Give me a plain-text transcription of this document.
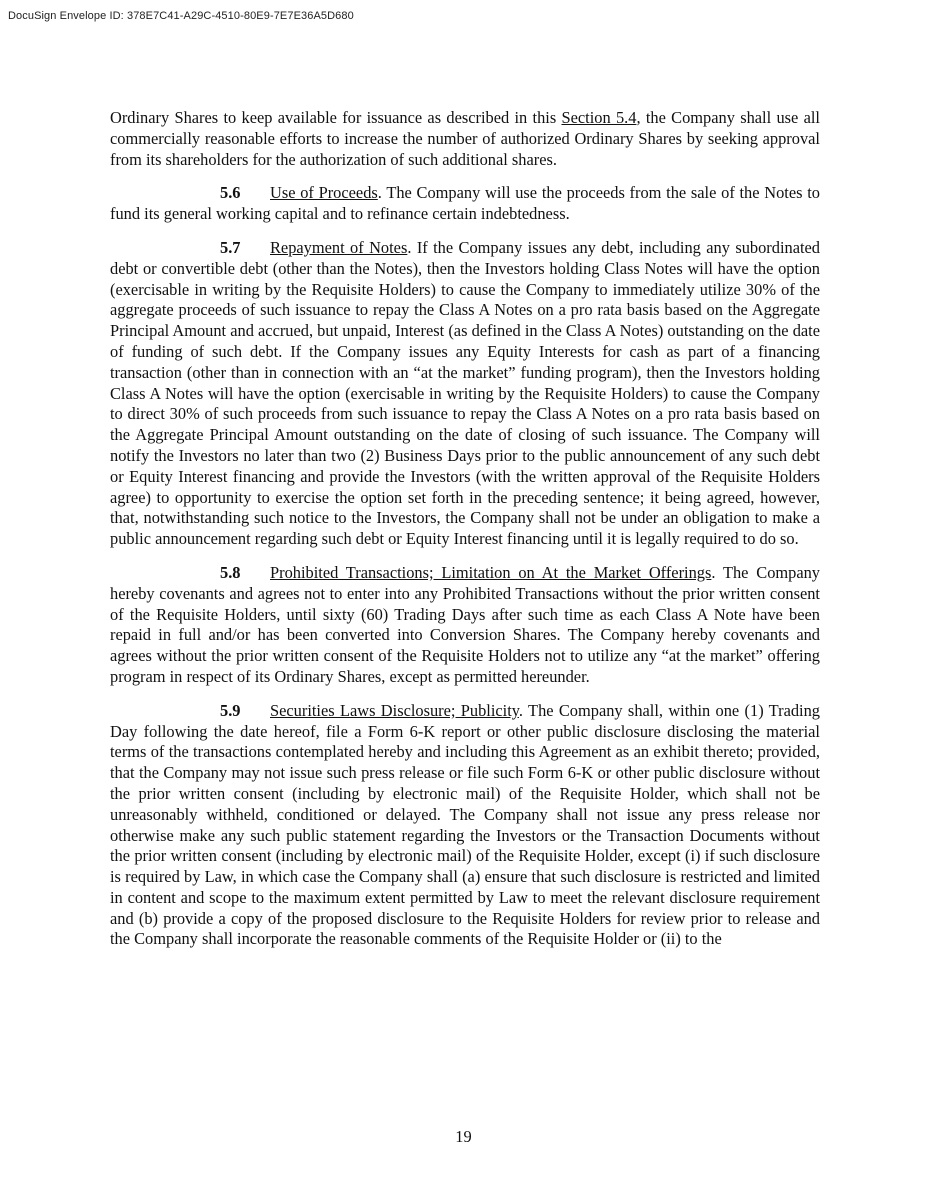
DocuSign Envelope ID: 378E7C41-A29C-4510-80E9-7E7E36A5D680

Ordinary Shares to keep available for issuance as described in this Section 5.4, the Company shall use all commercially reasonable efforts to increase the number of authorized Ordinary Shares by seeking approval from its shareholders for the authorization of such additional shares.

5.6 Use of Proceeds. The Company will use the proceeds from the sale of the Notes to fund its general working capital and to refinance certain indebtedness.

5.7 Repayment of Notes. If the Company issues any debt, including any subordinated debt or convertible debt (other than the Notes), then the Investors holding Class Notes will have the option (exercisable in writing by the Requisite Holders) to cause the Company to immediately utilize 30% of the aggregate proceeds of such issuance to repay the Class A Notes on a pro rata basis based on the Aggregate Principal Amount and accrued, but unpaid, Interest (as defined in the Class A Notes) outstanding on the date of funding of such debt. If the Company issues any Equity Interests for cash as part of a financing transaction (other than in connection with an “at the market” funding program), then the Investors holding Class A Notes will have the option (exercisable in writing by the Requisite Holders) to cause the Company to direct 30% of such proceeds from such issuance to repay the Class A Notes on a pro rata basis based on the Aggregate Principal Amount outstanding on the date of closing of such issuance. The Company will notify the Investors no later than two (2) Business Days prior to the public announcement of any such debt or Equity Interest financing and provide the Investors (with the written approval of the Requisite Holders agree) to opportunity to exercise the option set forth in the preceding sentence; it being agreed, however, that, notwithstanding such notice to the Investors, the Company shall not be under an obligation to make a public announcement regarding such debt or Equity Interest financing until it is legally required to do so.

5.8 Prohibited Transactions; Limitation on At the Market Offerings. The Company hereby covenants and agrees not to enter into any Prohibited Transactions without the prior written consent of the Requisite Holders, until sixty (60) Trading Days after such time as each Class A Note have been repaid in full and/or has been converted into Conversion Shares. The Company hereby covenants and agrees without the prior written consent of the Requisite Holders not to utilize any “at the market” offering program in respect of its Ordinary Shares, except as permitted hereunder.

5.9 Securities Laws Disclosure; Publicity. The Company shall, within one (1) Trading Day following the date hereof, file a Form 6-K report or other public disclosure disclosing the material terms of the transactions contemplated hereby and including this Agreement as an exhibit thereto; provided, that the Company may not issue such press release or file such Form 6-K or other public disclosure without the prior written consent (including by electronic mail) of the Requisite Holder, which shall not be unreasonably withheld, conditioned or delayed. The Company shall not issue any press release nor otherwise make any such public statement regarding the Investors or the Transaction Documents without the prior written consent (including by electronic mail) of the Requisite Holder, except (i) if such disclosure is required by Law, in which case the Company shall (a) ensure that such disclosure is restricted and limited in content and scope to the maximum extent permitted by Law to meet the relevant disclosure requirement and (b) provide a copy of the proposed disclosure to the Requisite Holders for review prior to release and the Company shall incorporate the reasonable comments of the Requisite Holder or (ii) to the

19
